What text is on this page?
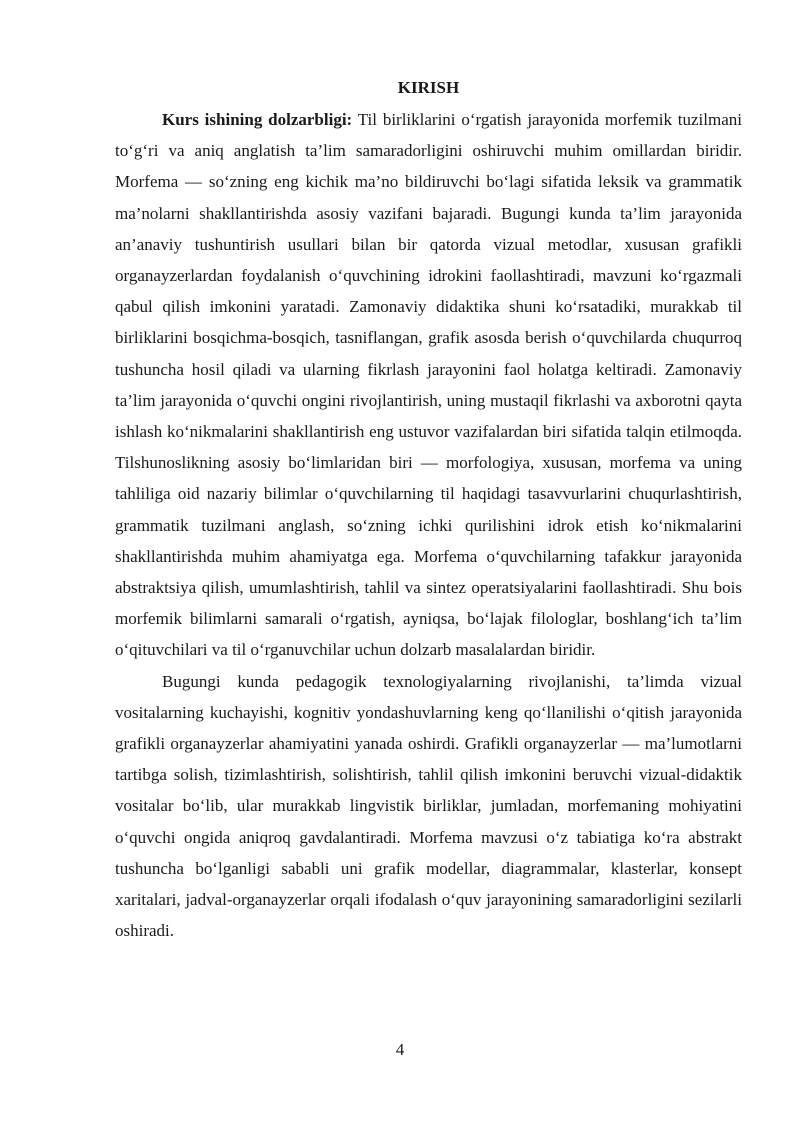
KIRISH

Kurs ishining dolzarbligi: Til birliklarini o‘rgatish jarayonida morfemik tuzilmani to‘g‘ri va aniq anglatish ta’lim samaradorligini oshiruvchi muhim omillardan biridir. Morfema — so‘zning eng kichik ma’no bildiruvchi bo‘lagi sifatida leksik va grammatik ma’nolarni shakllantirishda asosiy vazifani bajaradi. Bugungi kunda ta’lim jarayonida an’anaviy tushuntirish usullari bilan bir qatorda vizual metodlar, xususan grafikli organayzerlardan foydalanish o‘quvchining idrokini faollashtiradi, mavzuni ko‘rgazmali qabul qilish imkonini yaratadi. Zamonaviy didaktika shuni ko‘rsatadiki, murakkab til birliklarini bosqichma-bosqich, tasniflangan, grafik asosda berish o‘quvchilarda chuqurroq tushuncha hosil qiladi va ularning fikrlash jarayonini faol holatga keltiradi. Zamonaviy ta’lim jarayonida o‘quvchi ongini rivojlantirish, uning mustaqil fikrlashi va axborotni qayta ishlash ko‘nikmalarini shakllantirish eng ustuvor vazifalardan biri sifatida talqin etilmoqda. Tilshunoslikning asosiy bo‘limlaridan biri — morfologiya, xususan, morfema va uning tahliliga oid nazariy bilimlar o‘quvchilarning til haqidagi tasavvurlarini chuqurlashtirish, grammatik tuzilmani anglash, so‘zning ichki qurilishini idrok etish ko‘nikmalarini shakllantirishda muhim ahamiyatga ega. Morfema o‘quvchilarning tafakkur jarayonida abstraktsiya qilish, umumlashtirish, tahlil va sintez operatsiyalarini faollashtiradi. Shu bois morfemik bilimlarni samarali o‘rgatish, ayniqsa, bo‘lajak filologlar, boshlang‘ich ta’lim o‘qituvchilari va til o‘rganuvchilar uchun dolzarb masalalardan biridir.

Bugungi kunda pedagogik texnologiyalarning rivojlanishi, ta’limda vizual vositalarning kuchayishi, kognitiv yondashuvlarning keng qo‘llanilishi o‘qitish jarayonida grafikli organayzerlar ahamiyatini yanada oshirdi. Grafikli organayzerlar — ma’lumotlarni tartibga solish, tizimlashtirish, solishtirish, tahlil qilish imkonini beruvchi vizual-didaktik vositalar bo‘lib, ular murakkab lingvistik birliklar, jumladan, morfemaning mohiyatini o‘quvchi ongida aniqroq gavdalantiradi. Morfema mavzusi o‘z tabiatiga ko‘ra abstrakt tushuncha bo‘lganligi sababli uni grafik modellar, diagrammalar, klasterlar, konsept xaritalari, jadval-organayzerlar orqali ifodalash o‘quv jarayonining samaradorligini sezilarli oshiradi.

4
